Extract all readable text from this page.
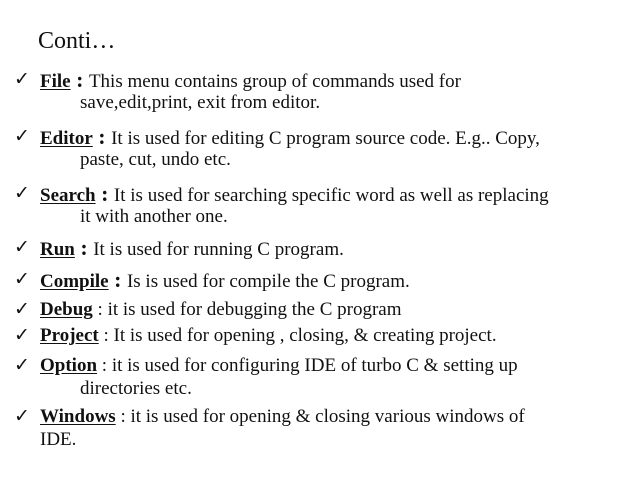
Conti…
✓ File : This menu contains group of commands used for
save,edit,print, exit from editor.
✓ Editor : It is used for editing C program source code. E.g.. Copy,
paste, cut, undo etc.
✓ Search : It is used for searching specific word as well as replacing
it with another one.
✓ Run : It is used for running C program.
✓ Compile : Is is used for compile the C program.
✓ Debug : it is used for debugging the C program
✓ Project : It is used for opening , closing, & creating project.
✓ Option : it is used for configuring IDE of turbo C & setting up
directories etc.
✓ Windows : it is used for opening & closing various windows of
IDE.
